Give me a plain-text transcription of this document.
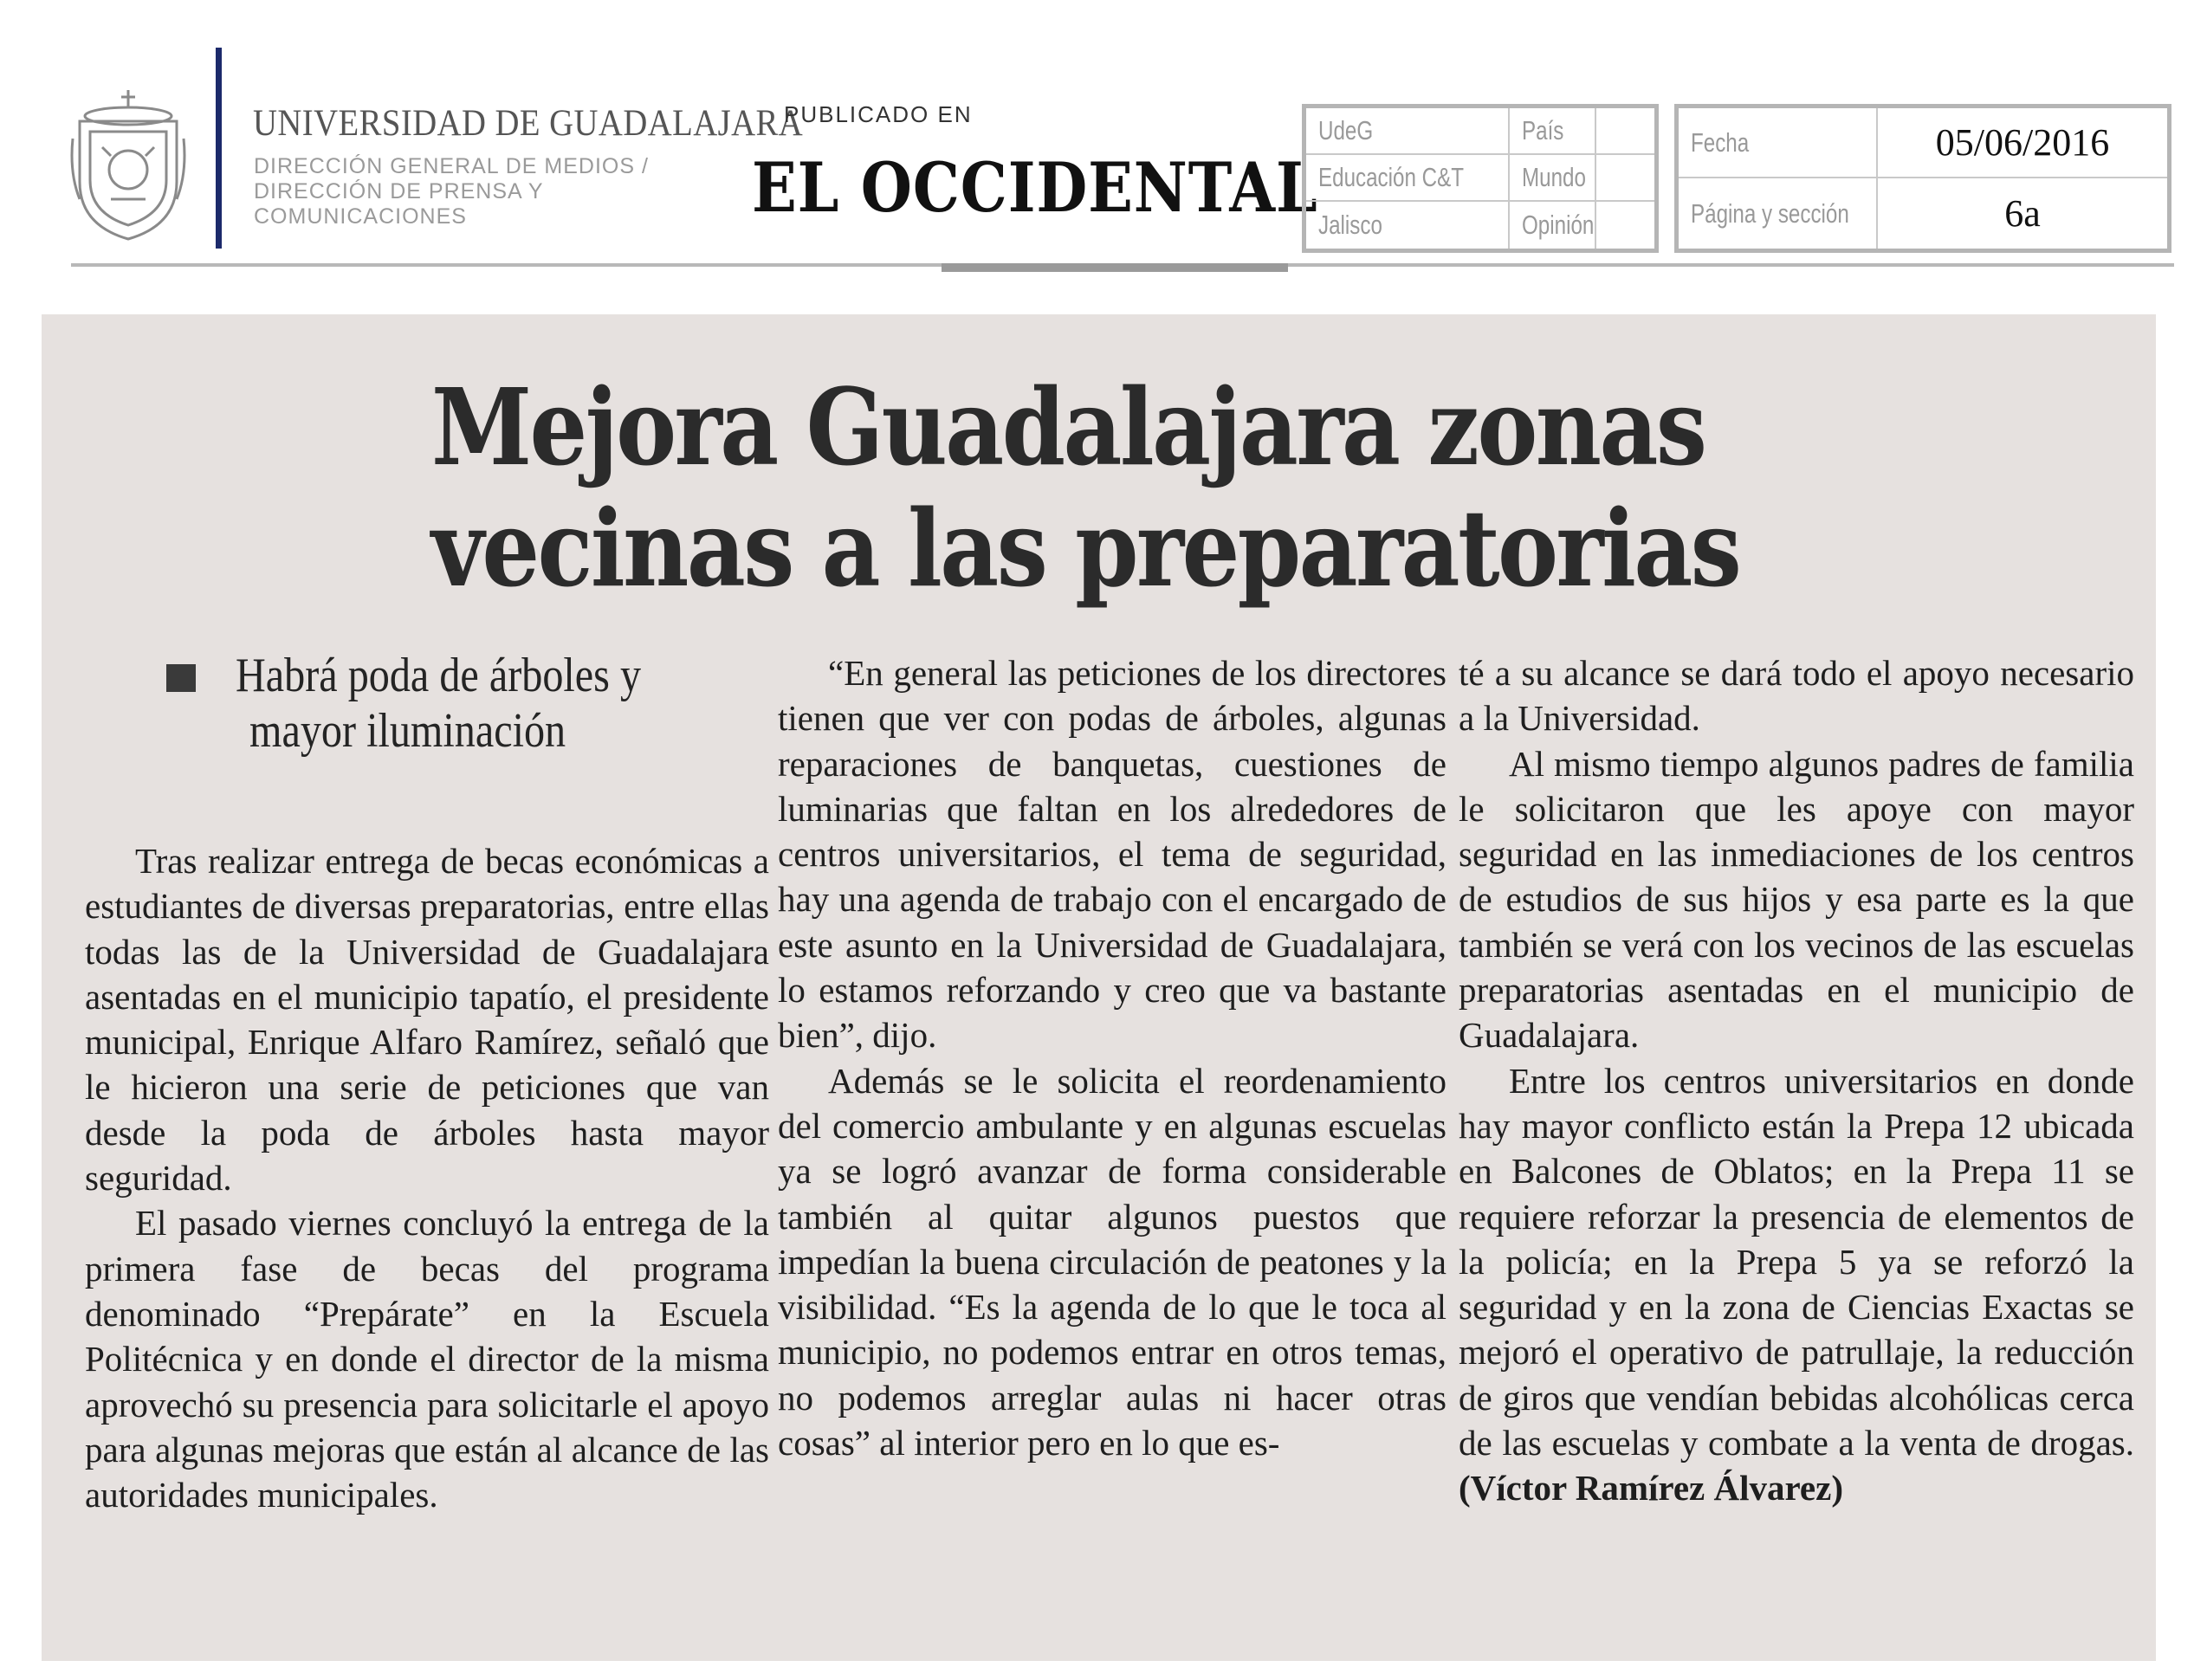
UNIVERSIDAD DE GUADALAJARA
DIRECCIÓN GENERAL DE MEDIOS /
DIRECCIÓN DE PRENSA Y
COMUNICACIONES
PUBLICADO EN
EL OCCIDENTAL
UdeG	País
Educación C&T Mundo
Jalisco	Opinión
Fecha	05/06/2016
Página y sección	6a
Mejora Guadalajara zonas
vecinas a las preparatorias
Habrá poda de árboles y
mayor iluminación

Tras realizar entrega de becas económicas a estudiantes de diversas preparatorias, entre ellas todas las de la Universidad de Guadalajara asentadas en el municipio tapatío, el presidente municipal, Enrique Alfaro Ramírez, señaló que le hicieron una serie de peticiones que van desde la poda de árboles hasta mayor seguridad.

El pasado viernes concluyó la entrega de la primera fase de becas del programa denominado “Prepárate” en la Escuela Politécnica y en donde el director de la misma aprovechó su presencia para solicitarle el apoyo para algunas mejoras que están al alcance de las autoridades municipales.

“En general las peticiones de los directores tienen que ver con podas de árboles, algunas reparaciones de banquetas, cuestiones de luminarias que faltan en los alrededores de centros universitarios, el tema de seguridad, hay una agenda de trabajo con el encargado de este asunto en la Universidad de Guadalajara, lo estamos reforzando y creo que va bastante bien”, dijo.

Además se le solicita el reordenamiento del comercio ambulante y en algunas escuelas ya se logró avanzar de forma considerable también al quitar algunos puestos que impedían la buena circulación de peatones y la visibilidad. “Es la agenda de lo que le toca al municipio, no podemos entrar en otros temas, no podemos arreglar aulas ni hacer otras cosas” al interior pero en lo que es-

té a su alcance se dará todo el apoyo necesario a la Universidad.

Al mismo tiempo algunos padres de familia le solicitaron que les apoye con mayor seguridad en las inmediaciones de los centros de estudios de sus hijos y esa parte es la que también se verá con los vecinos de las escuelas preparatorias asentadas en el municipio de Guadalajara.

Entre los centros universitarios en donde hay mayor conflicto están la Prepa 12 ubicada en Balcones de Oblatos; en la Prepa 11 se requiere reforzar la presencia de elementos de la policía; en la Prepa 5 ya se reforzó la seguridad y en la zona de Ciencias Exactas se mejoró el operativo de patrullaje, la reducción de giros que vendían bebidas alcohólicas cerca de las escuelas y combate a la venta de drogas. (Víctor Ramírez Álvarez)
